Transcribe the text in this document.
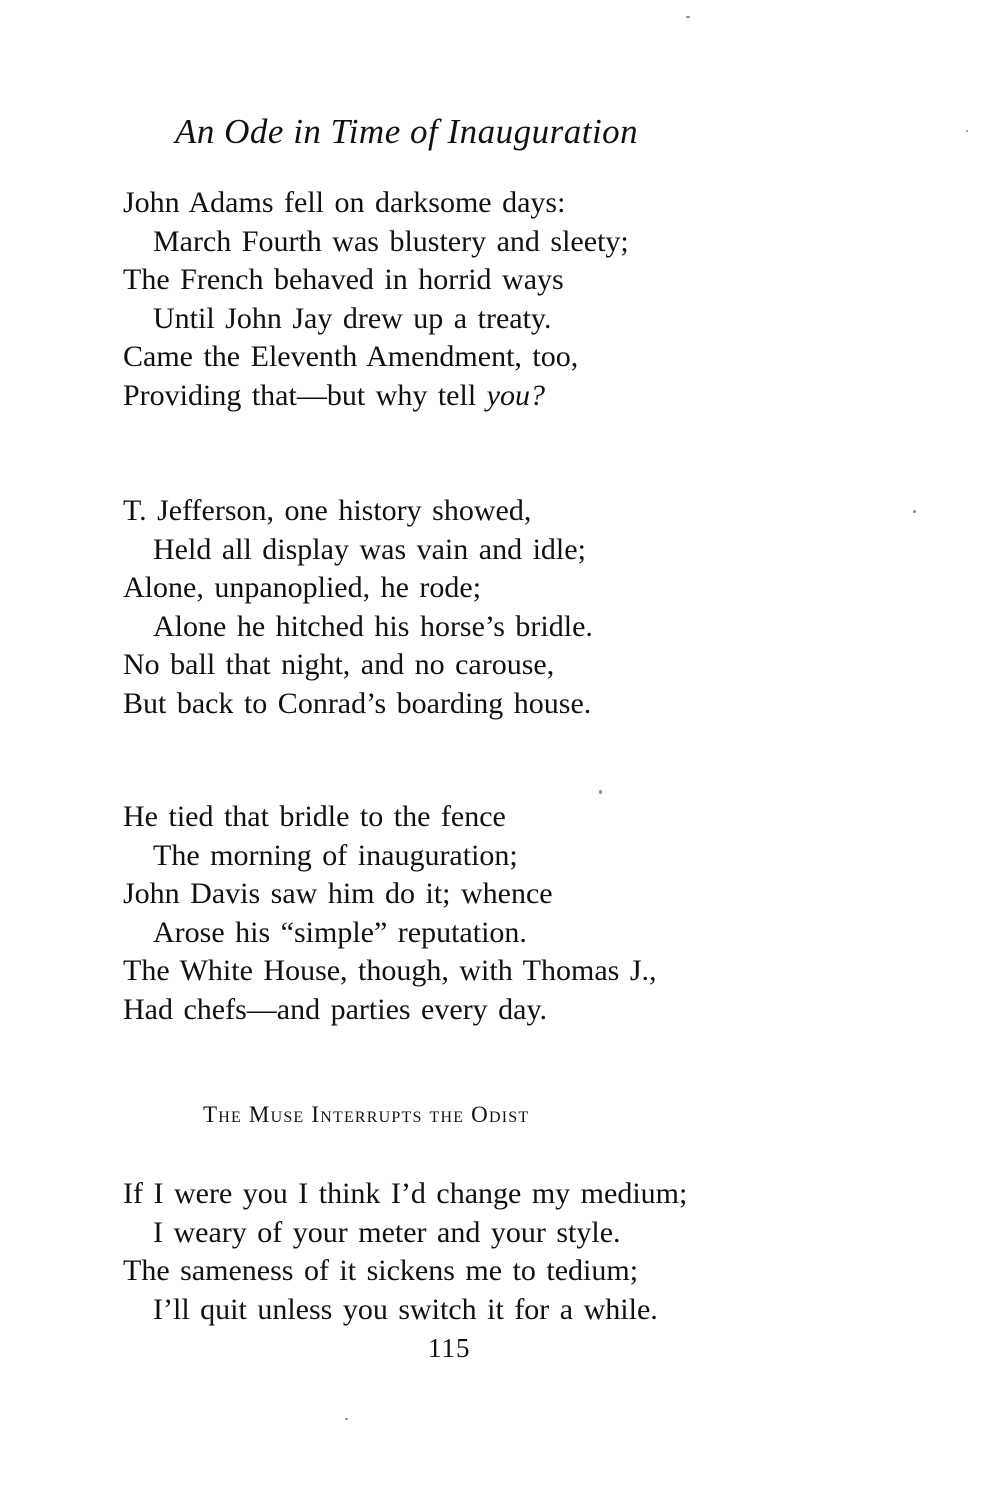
An Ode in Time of Inauguration
John Adams fell on darksome days:
March Fourth was blustery and sleety;
The French behaved in horrid ways
Until John Jay drew up a treaty.
Came the Eleventh Amendment, too,
Providing that—but why tell you?
T. Jefferson, one history showed,
Held all display was vain and idle;
Alone, unpanoplied, he rode;
Alone he hitched his horse’s bridle.
No ball that night, and no carouse,
But back to Conrad’s boarding house.
He tied that bridle to the fence
The morning of inauguration;
John Davis saw him do it; whence
Arose his “simple” reputation.
The White House, though, with Thomas J.,
Had chefs—and parties every day.
The Muse Interrupts the Odist
If I were you I think I’d change my medium;
I weary of your meter and your style.
The sameness of it sickens me to tedium;
I’ll quit unless you switch it for a while.
115
